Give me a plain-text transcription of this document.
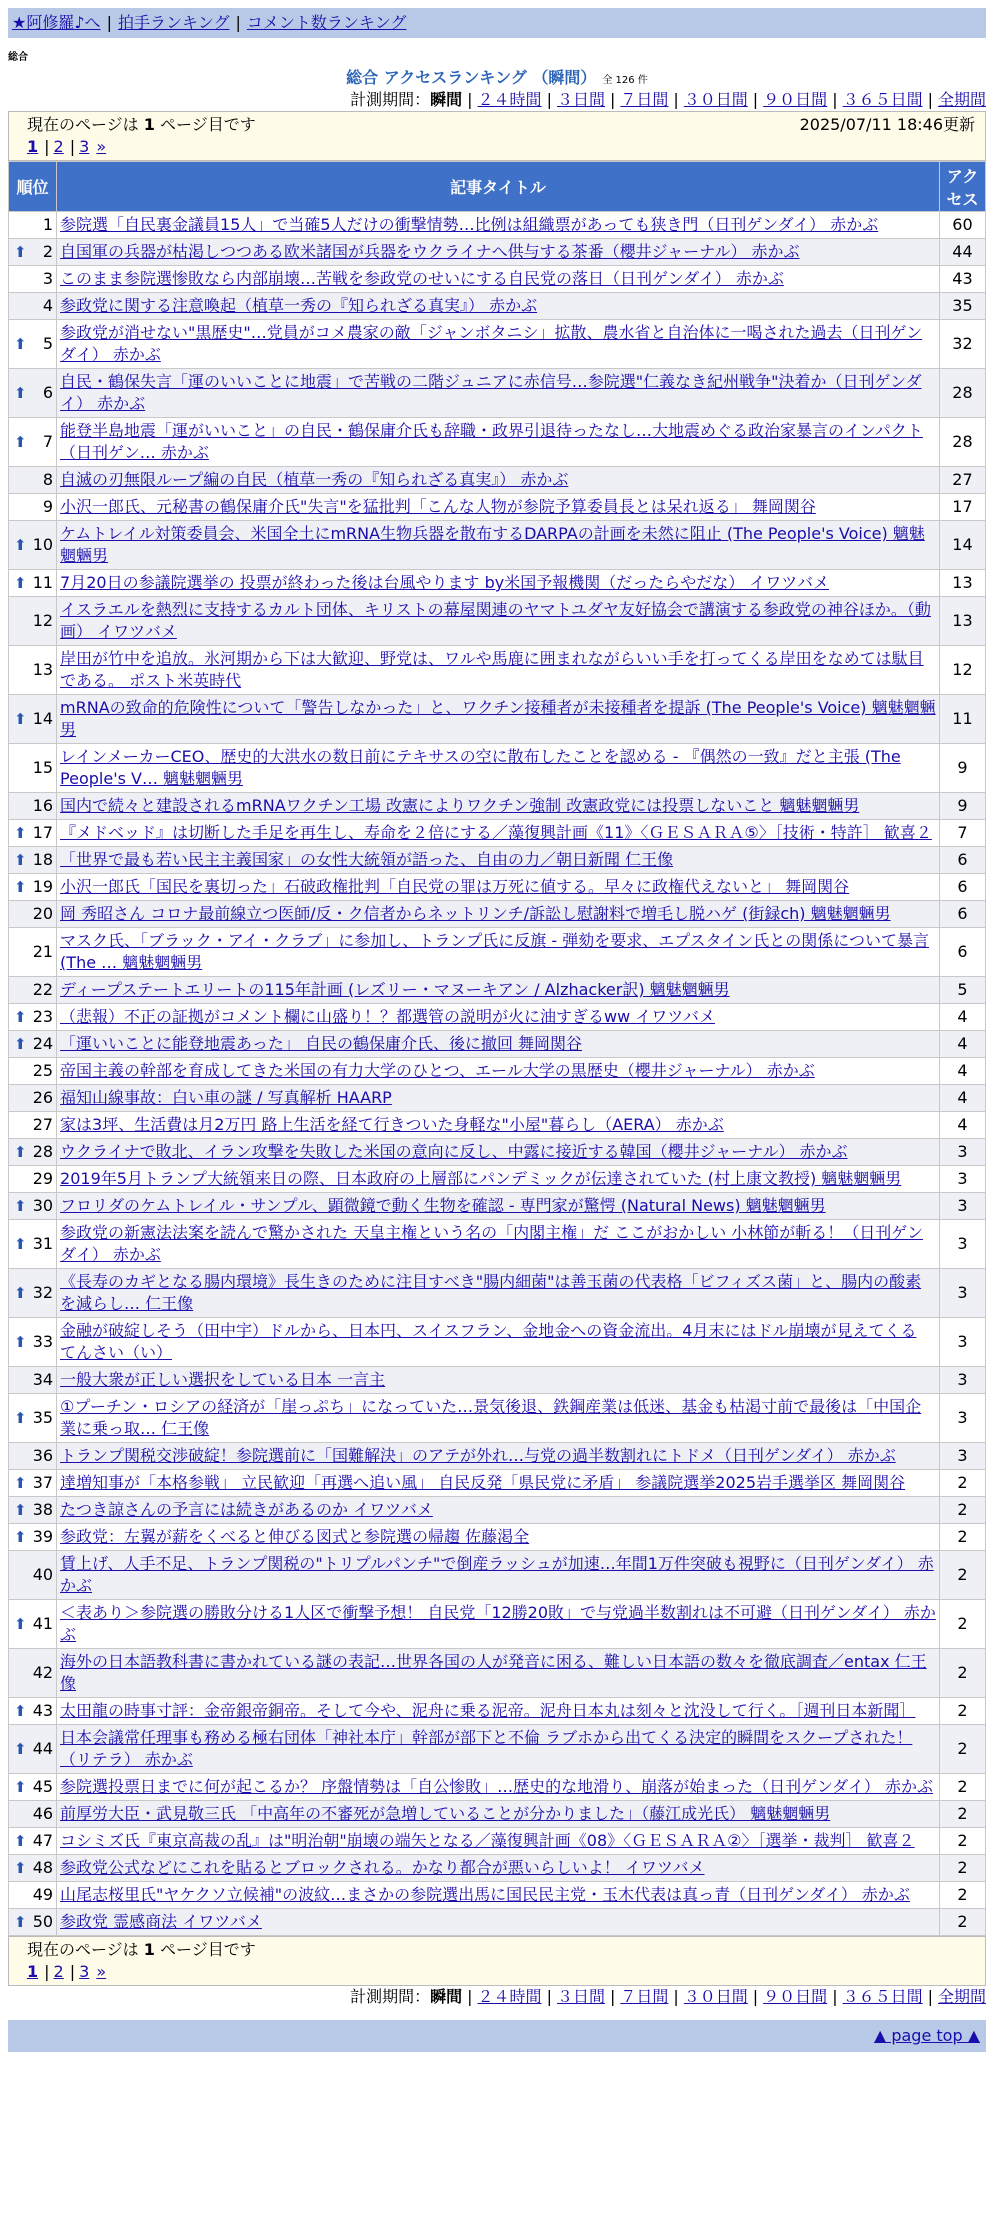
★阿修羅♪へ | 拍手ランキング | コメント数ランキング
総合
総合 アクセスランキング （瞬間） 全 126 件
計測期間：瞬間 | ２４時間 | ３日間 | ７日間 | ３０日間 | ９０日間 | ３６５日間 | 全期間
現在のページは 1 ページ目です	2025/07/11 18:46更新
1 | 2 | 3 »
順位	記事タイトル	アクセス
1	参院選「自民裏金議員15人」で当確5人だけの衝撃情勢…比例は組織票があっても狭き門（日刊ゲンダイ） 赤かぶ	60

⬆ 2	自国軍の兵器が枯渇しつつある欧米諸国が兵器をウクライナへ供与する茶番（櫻井ジャーナル） 赤かぶ	44
3	このまま参院選惨敗なら内部崩壊…苦戦を参政党のせいにする自民党の落日（日刊ゲンダイ） 赤かぶ	43
4	参政党に関する注意喚起（植草一秀の『知られざる真実』） 赤かぶ	35

⬆ 5	参政党が消せない"黒歴史"…党員がコメ農家の敵「ジャンボタニシ」拡散、農水省と自治体に一喝された過去（日刊ゲンダイ） 赤かぶ	32

⬆ 6	自民・鶴保失言「運のいいことに地震」で苦戦の二階ジュニアに赤信号…参院選"仁義なき紀州戦争"決着か（日刊ゲンダイ） 赤かぶ	28

⬆ 7	能登半島地震「運がいいこと」の自民・鶴保庸介氏も辞職・政界引退待ったなし…大地震めぐる政治家暴言のインパクト（日刊ゲン… 赤かぶ	28
8	自滅の刃無限ループ編の自民（植草一秀の『知られざる真実』） 赤かぶ	27
9	小沢一郎氏、元秘書の鶴保庸介氏"失言"を猛批判「こんな人物が参院予算委員長とは呆れ返る」 舞岡関谷	17

⬆ 10	ケムトレイル対策委員会、米国全土にmRNA生物兵器を散布するDARPAの計画を未然に阻止 (The People's Voice) 魑魅魍魎男	14

⬆ 11	7月20日の参議院選挙の 投票が終わった後は台風やります by米国予報機関（だったらやだな） イワツバメ	13
12	イスラエルを熱烈に支持するカルト団体、キリストの幕屋関連のヤマトユダヤ友好協会で講演する参政党の神谷ほか。（動画） イワツバメ	13
13	岸田が竹中を追放。氷河期から下は大歓迎、野党は、ワルや馬鹿に囲まれながらいい手を打ってくる岸田をなめては駄目である。 ポスト米英時代	12

⬆ 14	mRNAの致命的危険性について「警告しなかった」と、ワクチン接種者が未接種者を提訴 (The People's Voice) 魑魅魍魎男	11
15	レインメーカーCEO、歴史的大洪水の数日前にテキサスの空に散布したことを認める - 『偶然の一致』だと主張 (The People's V… 魑魅魍魎男	9
16	国内で続々と建設されるmRNAワクチン工場 改憲によりワクチン強制 改憲政党には投票しないこと 魑魅魍魎男	9

⬆ 17	『メドベッド』は切断した手足を再生し、寿命を２倍にする／藻復興計画《11》〈ＧＥＳＡＲＡ⑤〉［技術・特許］ 歓喜２	7

⬆ 18	「世界で最も若い民主主義国家」の女性大統領が語った、自由の力／朝日新聞 仁王像	6

⬆ 19	小沢一郎氏「国民を裏切った」石破政権批判「自民党の罪は万死に値する。早々に政権代えないと」 舞岡関谷	6
20	岡 秀昭さん コロナ最前線立つ医師/反・ク信者からネットリンチ/訴訟し慰謝料で増毛し脱ハゲ (街録ch) 魑魅魍魎男	6
21	マスク氏、「ブラック・アイ・クラブ」に参加し、トランプ氏に反旗 - 弾劾を要求、エプスタイン氏との関係について暴言 (The … 魑魅魍魎男	6
22	ディープステートエリートの115年計画 (レズリー・マヌーキアン / Alzhacker訳) 魑魅魍魎男	5

⬆ 23	（悲報）不正の証拠がコメント欄に山盛り！？都選管の説明が火に油すぎるww イワツバメ	4

⬆ 24	「運いいことに能登地震あった」 自民の鶴保庸介氏、後に撤回 舞岡関谷	4
25	帝国主義の幹部を育成してきた米国の有力大学のひとつ、エール大学の黒歴史（櫻井ジャーナル） 赤かぶ	4
26	福知山線事故：白い車の謎 / 写真解析 HAARP	4
27	家は3坪、生活費は月2万円 路上生活を経て行きついた身軽な"小屋"暮らし（AERA） 赤かぶ	4

⬆ 28	ウクライナで敗北、イラン攻撃を失敗した米国の意向に反し、中露に接近する韓国（櫻井ジャーナル） 赤かぶ	3
29	2019年5月トランプ大統領来日の際、日本政府の上層部にパンデミックが伝達されていた (村上康文教授) 魑魅魍魎男	3

⬆ 30	フロリダのケムトレイル・サンプル、顕微鏡で動く生物を確認 - 専門家が驚愕 (Natural News) 魑魅魍魎男	3

⬆ 31	参政党の新憲法法案を読んで驚かされた 天皇主権という名の「内閣主権」だ ここがおかしい 小林節が斬る！（日刊ゲンダイ） 赤かぶ	3

⬆ 32	《長寿のカギとなる腸内環境》長生きのために注目すべき"腸内細菌"は善玉菌の代表格「ビフィズス菌」と、腸内の酸素を減らし… 仁王像	3

⬆ 33	金融が破綻しそう（田中宇）ドルから、日本円、スイスフラン、金地金への資金流出。4月末にはドル崩壊が見えてくる てんさい（い）	3
34	一般大衆が正しい選択をしている日本 一言主	3

⬆ 35	①プーチン・ロシアの経済が「崖っぷち」になっていた…景気後退、鉄鋼産業は低迷、基金も枯渇寸前で最後は「中国企業に乗っ取… 仁王像	3
36	トランプ関税交渉破綻！参院選前に「国難解決」のアテが外れ…与党の過半数割れにトドメ（日刊ゲンダイ） 赤かぶ	3

⬆ 37	達増知事が「本格参戦」 立民歓迎「再選へ追い風」 自民反発「県民党に矛盾」 参議院選挙2025岩手選挙区 舞岡関谷	2

⬆ 38	たつき諒さんの予言には続きがあるのか イワツバメ	2

⬆ 39	参政党：左翼が薪をくべると伸びる図式と参院選の帰趨 佐藤渇全	2
40	賃上げ、人手不足、トランプ関税の"トリプルパンチ"で倒産ラッシュが加速…年間1万件突破も視野に（日刊ゲンダイ） 赤かぶ	2

⬆ 41	＜表あり＞参院選の勝敗分ける1人区で衝撃予想！ 自民党「12勝20敗」で与党過半数割れは不可避（日刊ゲンダイ） 赤かぶ	2
42	海外の日本語教科書に書かれている謎の表記…世界各国の人が発音に困る、難しい日本語の数々を徹底調査／entax 仁王像	2

⬆ 43	太田龍の時事寸評：金帝銀帝銅帝。そして今や、泥舟に乗る泥帝。泥舟日本丸は刻々と沈没して行く。［週刊日本新聞］	2

⬆ 44	日本会議常任理事も務める極右団体「神社本庁」幹部が部下と不倫 ラブホから出てくる決定的瞬間をスクープされた！（リテラ） 赤かぶ	2

⬆ 45	参院選投票日までに何が起こるか？ 序盤情勢は「自公惨敗」…歴史的な地滑り、崩落が始まった（日刊ゲンダイ） 赤かぶ	2
46	前厚労大臣・武見敬三氏 「中高年の不審死が急増していることが分かりました」（藤江成光氏） 魑魅魍魎男	2

⬆ 47	コシミズ氏『東京高裁の乱』は"明治朝"崩壊の端矢となる／藻復興計画《08》〈ＧＥＳＡＲＡ②〉［選挙・裁判］ 歓喜２	2

⬆ 48	参政党公式などにこれを貼るとブロックされる。かなり都合が悪いらしいよ！ イワツバメ	2
49	山尾志桜里氏"ヤケクソ立候補"の波紋…まさかの参院選出馬に国民民主党・玉木代表は真っ青（日刊ゲンダイ） 赤かぶ	2

⬆ 50	参政党 霊感商法 イワツバメ	2
現在のページは 1 ページ目です
1 | 2 | 3 »
計測期間：瞬間 | ２４時間 | ３日間 | ７日間 | ３０日間 | ９０日間 | ３６５日間 | 全期間
▲ page top ▲
